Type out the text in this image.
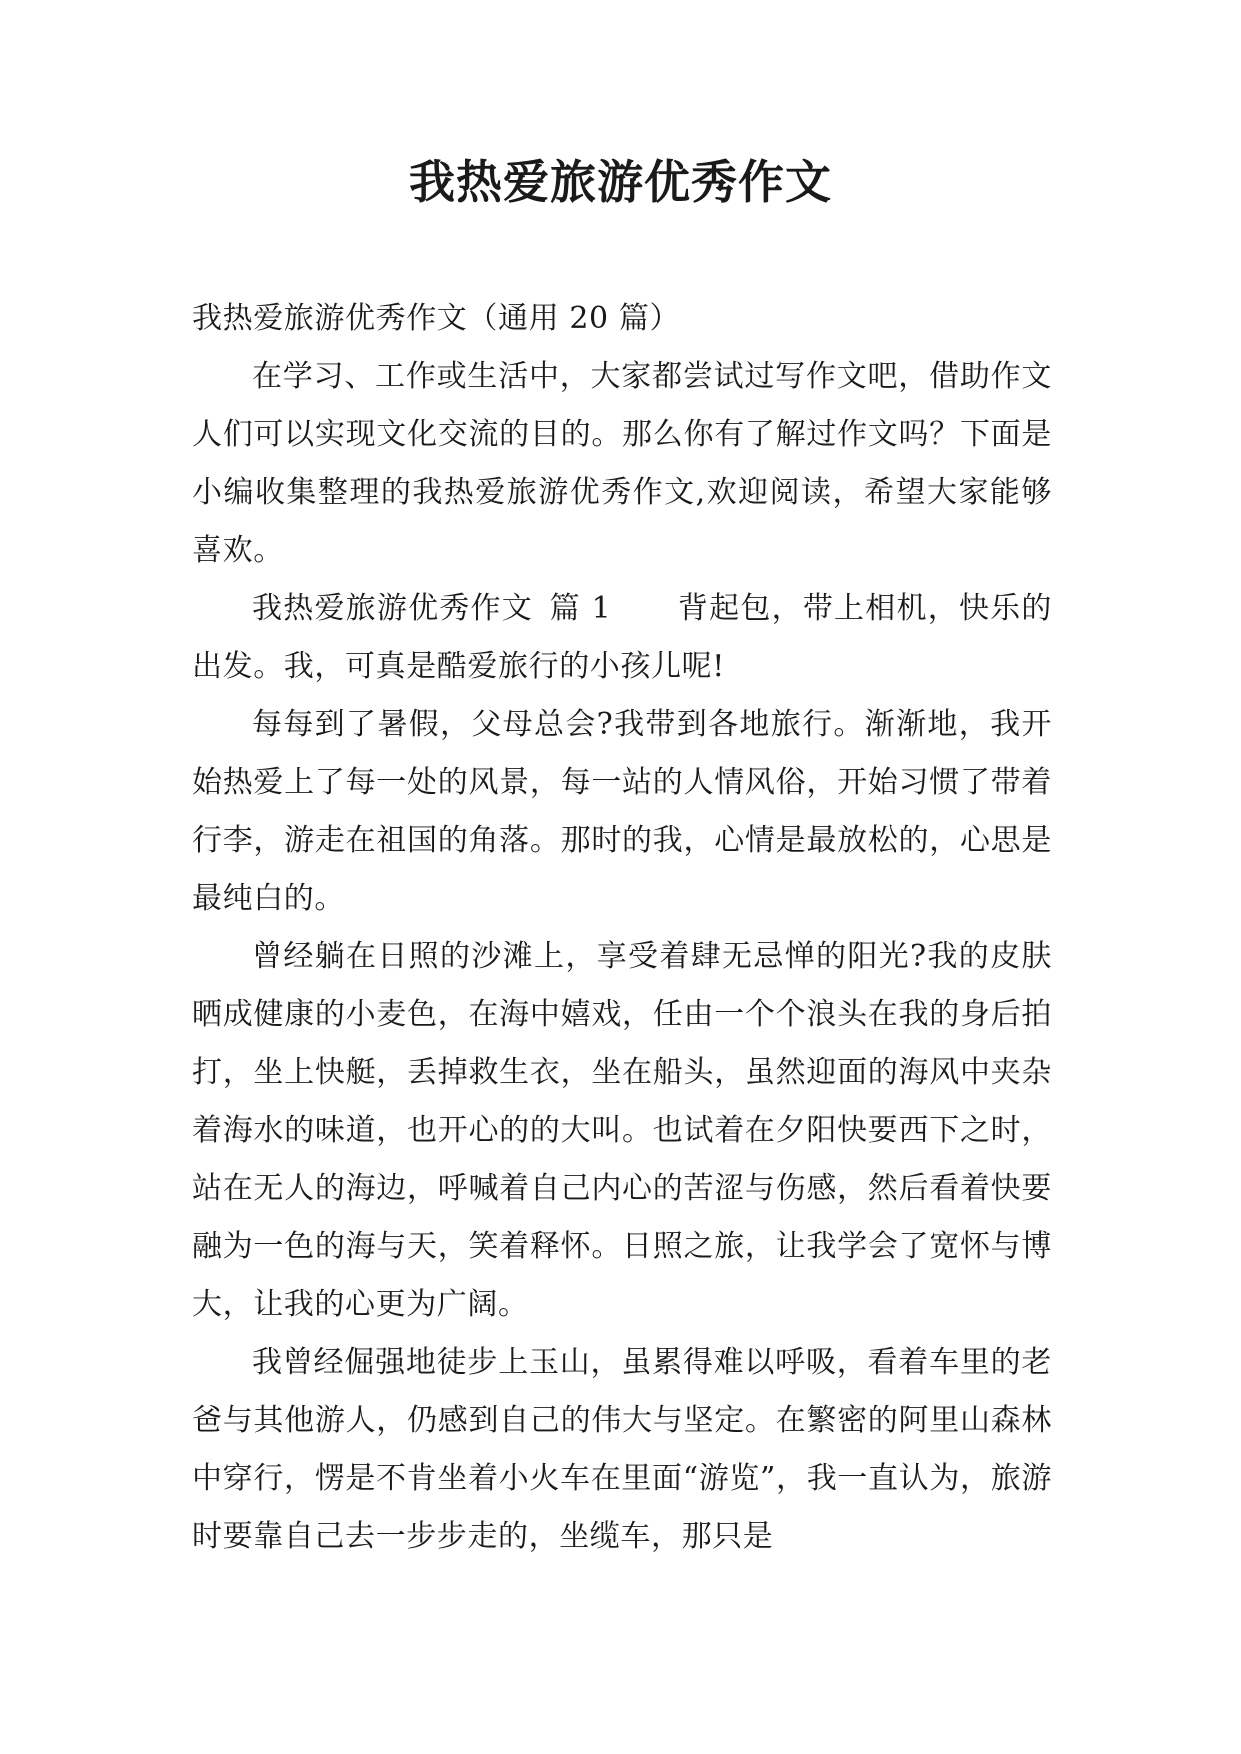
我热爱旅游优秀作文

我热爱旅游优秀作文（通用 20 篇）

在学习、工作或生活中，大家都尝试过写作文吧，借助作文人们可以实现文化交流的目的。那么你有了解过作文吗？下面是小编收集整理的我热爱旅游优秀作文,欢迎阅读，希望大家能够喜欢。

我热爱旅游优秀作文 篇 1 背起包，带上相机，快乐的出发。我，可真是酷爱旅行的小孩儿呢!

每每到了暑假，父母总会?我带到各地旅行。渐渐地，我开始热爱上了每一处的风景，每一站的人情风俗，开始习惯了带着行李，游走在祖国的角落。那时的我，心情是最放松的，心思是最纯白的。

曾经躺在日照的沙滩上，享受着肆无忌惮的阳光?我的皮肤晒成健康的小麦色，在海中嬉戏，任由一个个浪头在我的身后拍打，坐上快艇，丢掉救生衣，坐在船头，虽然迎面的海风中夹杂着海水的味道，也开心的的大叫。也试着在夕阳快要西下之时，站在无人的海边，呼喊着自己内心的苦涩与伤感，然后看着快要融为一色的海与天，笑着释怀。日照之旅，让我学会了宽怀与博大，让我的心更为广阔。

我曾经倔强地徒步上玉山，虽累得难以呼吸，看着车里的老爸与其他游人，仍感到自己的伟大与坚定。在繁密的阿里山森林中穿行，愣是不肯坐着小火车在里面“游览”，我一直认为，旅游时要靠自己去一步步走的，坐缆车，那只是
